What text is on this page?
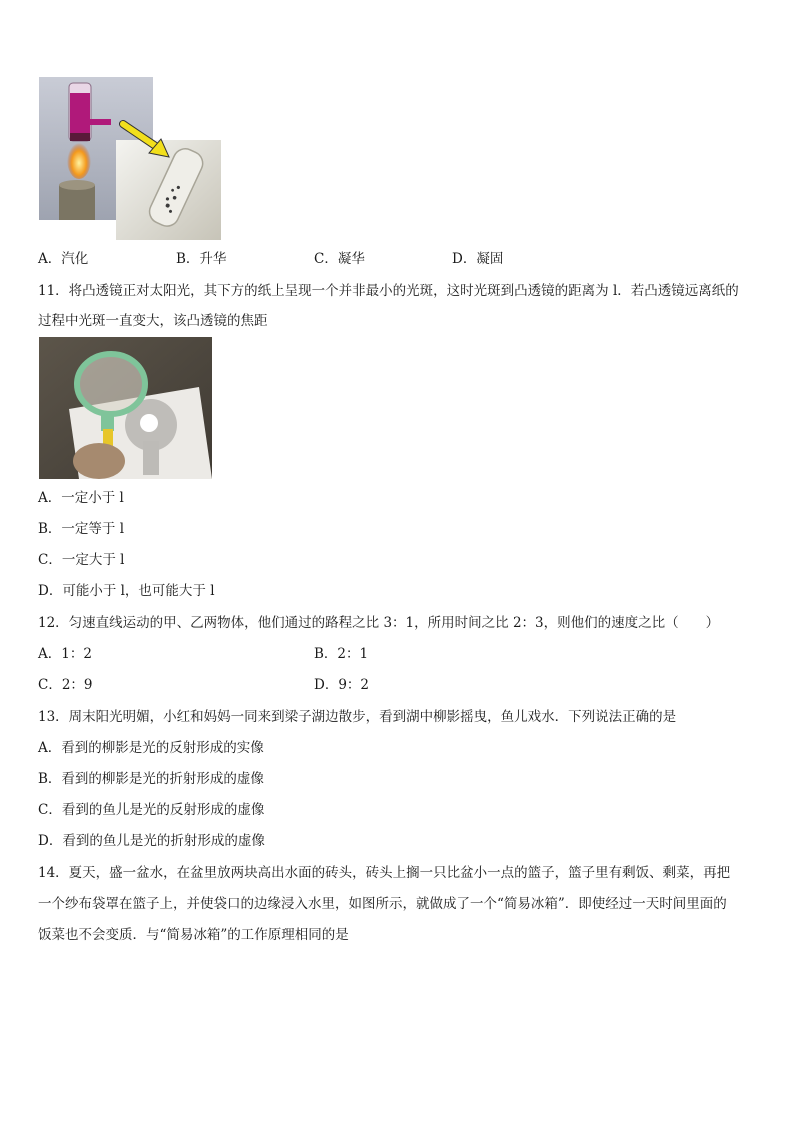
A．汽化	B．升华	C．凝华	D．凝固
11．将凸透镜正对太阳光，其下方的纸上呈现一个并非最小的光斑，这时光斑到凸透镜的距离为 l．若凸透镜远离纸的
过程中光斑一直变大，该凸透镜的焦距
A．一定小于 l
B．一定等于 l
C．一定大于 l
D．可能小于 l，也可能大于 l
12．匀速直线运动的甲、乙两物体，他们通过的路程之比 3：1，所用时间之比 2：3，则他们的速度之比（　　）
A．1：2	B．2：1
C．2：9	D．9：2
13．周末阳光明媚，小红和妈妈一同来到梁子湖边散步，看到湖中柳影摇曳，鱼儿戏水．下列说法正确的是
A．看到的柳影是光的反射形成的实像
B．看到的柳影是光的折射形成的虚像
C．看到的鱼儿是光的反射形成的虚像
D．看到的鱼儿是光的折射形成的虚像
14．夏天，盛一盆水，在盆里放两块高出水面的砖头，砖头上搁一只比盆小一点的篮子，篮子里有剩饭、剩菜，再把
一个纱布袋罩在篮子上，并使袋口的边缘浸入水里，如图所示，就做成了一个“简易冰箱”．即使经过一天时间里面的
饭菜也不会变质．与“简易冰箱”的工作原理相同的是
